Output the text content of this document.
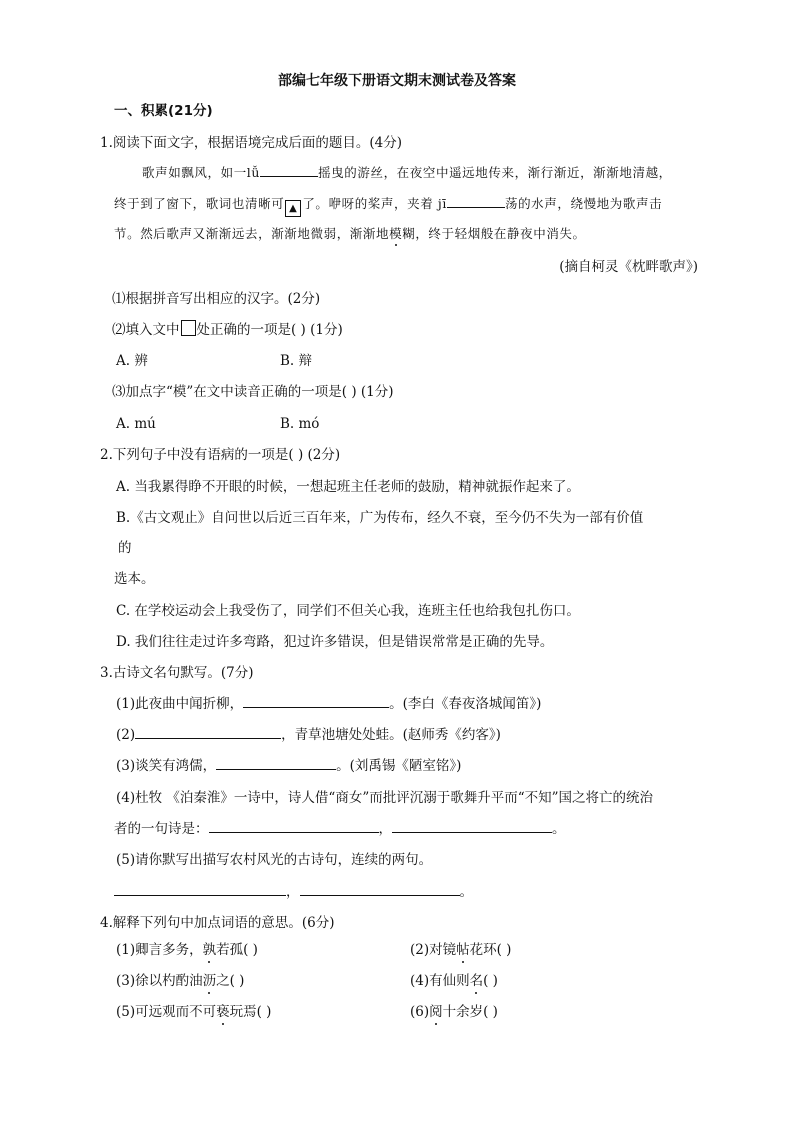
部编七年级下册语文期末测试卷及答案
一、积累(21分)
1.阅读下面文字，根据语境完成后面的题目。(4分)
歌声如飘风，如一lǚ	摇曳的游丝，在夜空中遥远地传来，渐行渐近，渐渐地清越，
终于到了窗下，歌词也清晰可 ▲ 了。咿呀的桨声，夹着 jī	荡的水声，绕慢地为歌声击
节。然后歌声又渐渐远去，渐渐地微弱，渐渐地模糊，终于轻烟般在静夜中消失。
(摘自柯灵《枕畔歌声》)
⑴根据拼音写出相应的汉字。(2分)
⑵填入文中 处正确的一项是( ) (1分)
A. 辨	B. 辩
⑶加点字“模”在文中读音正确的一项是( ) (1分)
A. mú	B. mó
2.下列句子中没有语病的一项是( ) (2分)
A. 当我累得睁不开眼的时候，一想起班主任老师的鼓励，精神就振作起来了。
B.《古文观止》自问世以后近三百年来，广为传布，经久不衰，至今仍不失为一部有价值
的
选本。
C. 在学校运动会上我受伤了，同学们不但关心我，连班主任也给我包扎伤口。
D. 我们往往走过许多弯路，犯过许多错误，但是错误常常是正确的先导。
3.古诗文名句默写。(7分)
(1)此夜曲中闻折柳，	。(李白《春夜洛城闻笛》)
(2)	，青草池塘处处蛙。(赵师秀《约客》)
(3)谈笑有鸿儒，	。(刘禹锡《陋室铭》)
(4)杜牧 《泊秦淮》一诗中，诗人借“商女”而批评沉溺于歌舞升平而“不知”国之将亡的统治
者的一句诗是：	，	。
(5)请你默写出描写农村风光的古诗句，连续的两句。
，	。
4.解释下列句中加点词语的意思。(6分)
(1)卿言多务，孰若孤( )	(2)对镜帖花环( )
(3)徐以杓酌油沥之( )	(4)有仙则名( )
(5)可远观而不可亵玩焉( )	(6)阅十余岁( )
